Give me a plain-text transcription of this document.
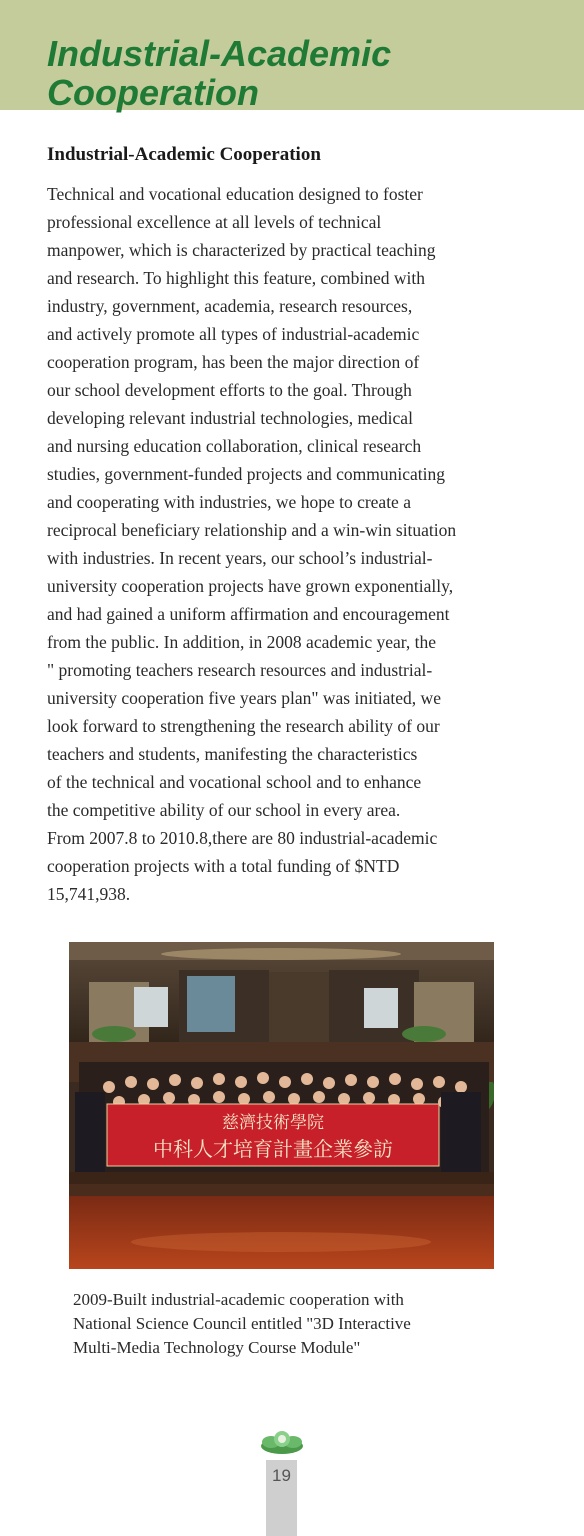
Industrial-Academic Cooperation
Industrial-Academic Cooperation
Technical and vocational education designed to foster
professional excellence at all levels of technical
manpower, which is characterized by practical teaching
and research. To highlight this feature, combined with
industry, government, academia, research resources,
and actively promote all types of industrial-academic
cooperation program, has been the major direction of
our school development efforts to the goal. Through
developing relevant industrial technologies, medical
and nursing education collaboration, clinical research
studies, government-funded projects and communicating
and cooperating with industries, we hope to create a
reciprocal beneficiary relationship and a win-win situation
with industries. In recent years, our school’s industrial-
university cooperation projects have grown exponentially,
and had gained a uniform affirmation and encouragement
from the public. In addition, in 2008 academic year, the
" promoting teachers research resources and industrial-
university cooperation five years plan" was initiated, we
look forward to strengthening the research ability of our
teachers and students, manifesting the characteristics
of the technical and vocational school and to enhance
the competitive ability of our school in every area.
From 2007.8 to 2010.8,there are 80 industrial-academic
cooperation projects with a total funding of $NTD
15,741,938.
慈濟技術學院
中科人才培育計畫企業參訪
2009-Built industrial-academic cooperation with
National Science Council entitled "3D Interactive
Multi-Media Technology Course Module"
19
